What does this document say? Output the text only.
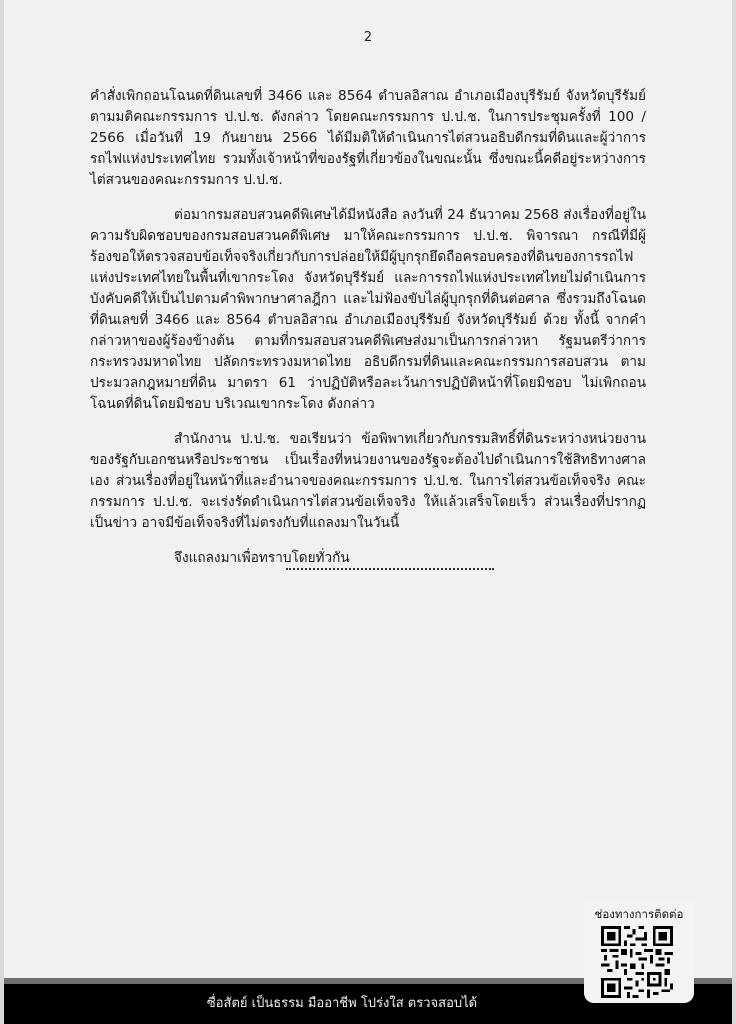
2

คำสั่งเพิกถอนโฉนดที่ดินเลขที่ 3466 และ 8564 ตำบลอิสาณ อำเภอเมืองบุรีรัมย์ จังหวัดบุรีรัมย์ ตามมติคณะกรรมการ ป.ป.ช. ดังกล่าว โดยคณะกรรมการ ป.ป.ช. ในการประชุมครั้งที่ 100 / 2566 เมื่อวันที่ 19 กันยายน 2566 ได้มีมติให้ดำเนินการไต่สวนอธิบดีกรมที่ดินและผู้ว่าการรถไฟแห่งประเทศไทย รวมทั้งเจ้าหน้าที่ของรัฐที่เกี่ยวข้องในขณะนั้น ซึ่งขณะนี้คดีอยู่ระหว่างการไต่สวนของคณะกรรมการ ป.ป.ช.

ต่อมากรมสอบสวนคดีพิเศษได้มีหนังสือ ลงวันที่ 24 ธันวาคม 2568 ส่งเรื่องที่อยู่ในความรับผิดชอบของกรมสอบสวนคดีพิเศษ มาให้คณะกรรมการ ป.ป.ช. พิจารณา กรณีที่มีผู้ร้องขอให้ตรวจสอบข้อเท็จจริงเกี่ยวกับการปล่อยให้มีผู้บุกรุกยึดถือครอบครองที่ดินของการรถไฟแห่งประเทศไทยในพื้นที่เขากระโดง จังหวัดบุรีรัมย์ และการรถไฟแห่งประเทศไทยไม่ดำเนินการบังคับคดีให้เป็นไปตามคำพิพากษาศาลฎีกา และไม่ฟ้องขับไล่ผู้บุกรุกที่ดินต่อศาล ซึ่งรวมถึงโฉนดที่ดินเลขที่ 3466 และ 8564 ตำบลอิสาณ อำเภอเมืองบุรีรัมย์ จังหวัดบุรีรัมย์ ด้วย ทั้งนี้ จากคำกล่าวหาของผู้ร้องข้างต้น ตามที่กรมสอบสวนคดีพิเศษส่งมาเป็นการกล่าวหา รัฐมนตรีว่าการกระทรวงมหาดไทย ปลัดกระทรวงมหาดไทย อธิบดีกรมที่ดินและคณะกรรมการสอบสวน ตามประมวลกฎหมายที่ดิน มาตรา 61 ว่าปฏิบัติหรือละเว้นการปฏิบัติหน้าที่โดยมิชอบ ไม่เพิกถอนโฉนดที่ดินโดยมิชอบ บริเวณเขากระโดง ดังกล่าว

สำนักงาน ป.ป.ช. ขอเรียนว่า ข้อพิพาทเกี่ยวกับกรรมสิทธิ์ที่ดินระหว่างหน่วยงานของรัฐกับเอกชนหรือประชาชน เป็นเรื่องที่หน่วยงานของรัฐจะต้องไปดำเนินการใช้สิทธิทางศาลเอง ส่วนเรื่องที่อยู่ในหน้าที่และอำนาจของคณะกรรมการ ป.ป.ช. ในการไต่สวนข้อเท็จจริง คณะกรรมการ ป.ป.ช. จะเร่งรัดดำเนินการไต่สวนข้อเท็จจริง ให้แล้วเสร็จโดยเร็ว ส่วนเรื่องที่ปรากฏเป็นข่าว อาจมีข้อเท็จจริงที่ไม่ตรงกับที่แถลงมาในวันนี้

จึงแถลงมาเพื่อทราบโดยทั่วกัน

ซื่อสัตย์ เป็นธรรม มืออาชีพ โปร่งใส ตรวจสอบได้
ช่องทางการติดต่อ
